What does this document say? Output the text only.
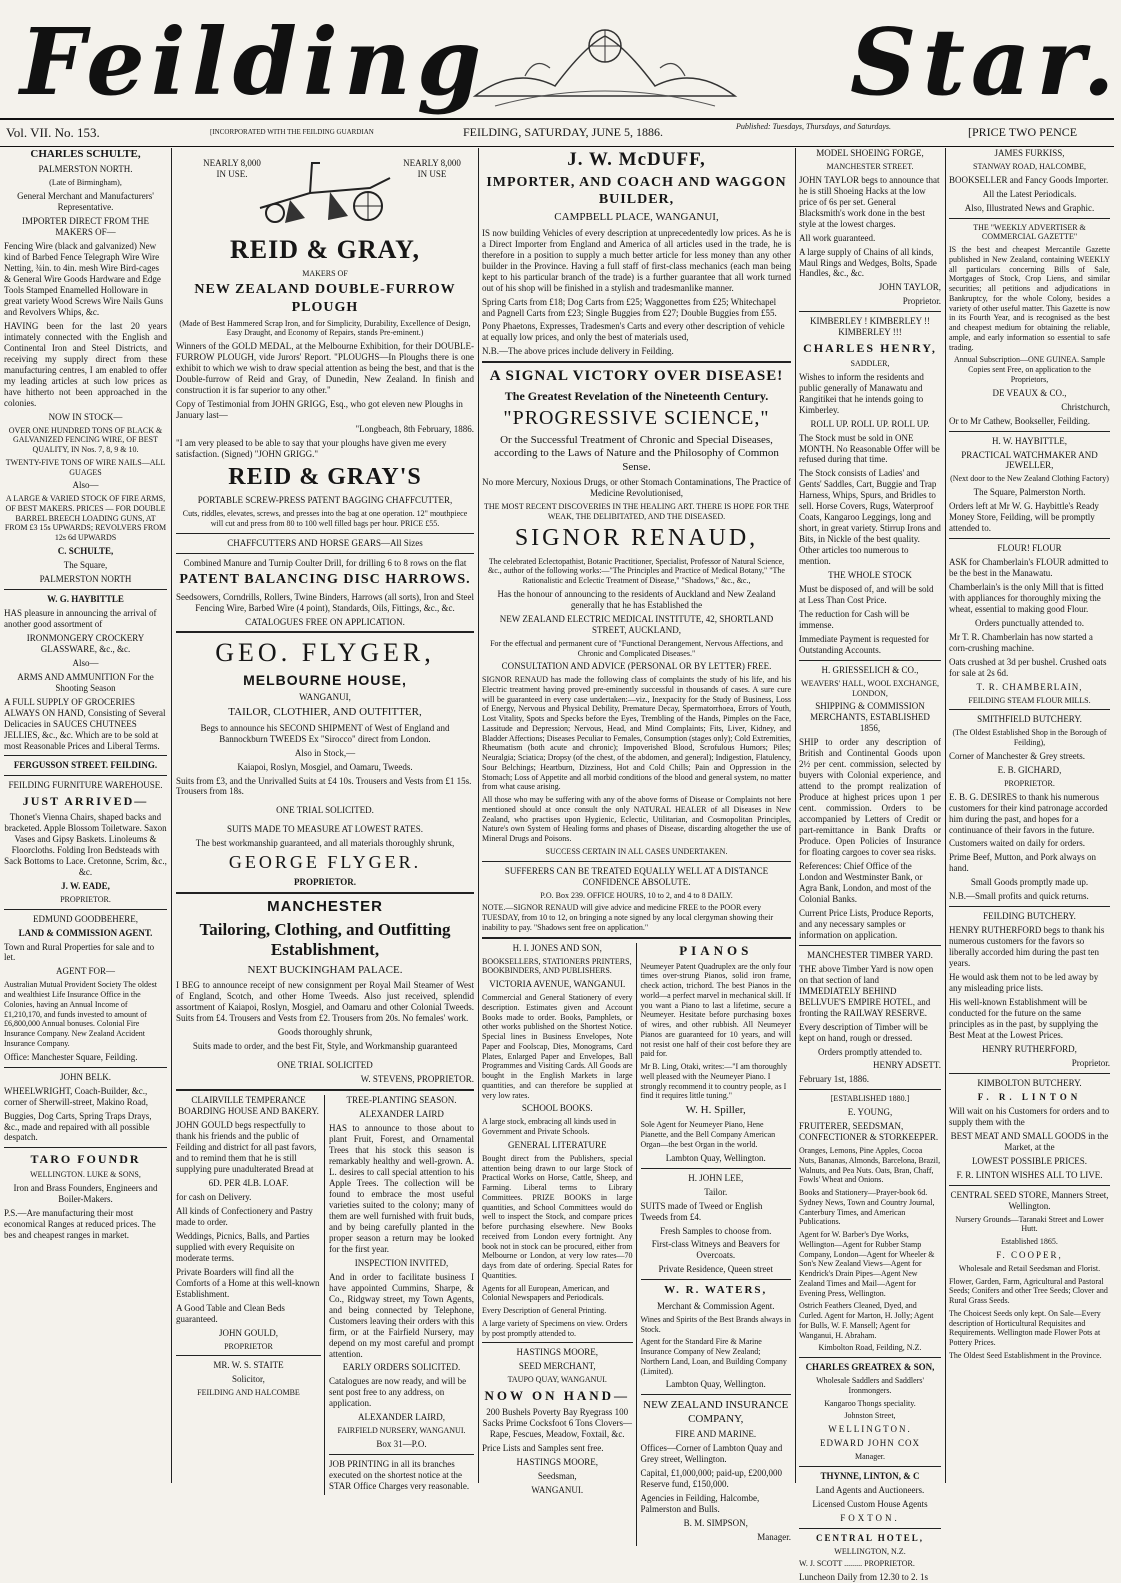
Feilding	Star.
Vol. VII. No. 153.	[INCORPORATED WITH THE FEILDING GUARDIAN	FEILDING, SATURDAY, JUNE 5, 1886.	Published: Tuesdays, Thursdays, and Saturdays.	[PRICE TWO PENCE

CHARLES SCHULTE,

PALMERSTON NORTH.

(Late of Birmingham),

General Merchant and Manufacturers' Representative.

IMPORTER DIRECT FROM THE MAKERS OF—

Fencing Wire (black and galvanized) New kind of Barbed Fence Telegraph Wire Wire Netting, ¾in. to 4in. mesh Wire Bird-cages & General Wire Goods Hardware and Edge Tools Stamped Enamelled Holloware in great variety Wood Screws Wire Nails Guns and Revolvers Whips, &c.

HAVING been for the last 20 years intimately connected with the English and Continental Iron and Steel Districts, and receiving my supply direct from these manufacturing centres, I am enabled to offer my leading articles at such low prices as have hitherto not been approached in the colonies.

NOW IN STOCK—

OVER ONE HUNDRED TONS OF BLACK & GALVANIZED FENCING WIRE, OF BEST QUALITY, IN Nos. 7, 8, 9 & 10.

TWENTY-FIVE TONS OF WIRE NAILS—ALL GUAGES

Also—

A LARGE & VARIED STOCK OF FIRE ARMS, OF BEST MAKERS. PRICES — FOR DOUBLE BARREL BREECH LOADING GUNS, AT FROM £3 15s UPWARDS; REVOLVERS FROM 12s 6d UPWARDS

C. SCHULTE,

The Square,

PALMERSTON NORTH

W. G. HAYBITTLE

HAS pleasure in announcing the arrival of another good assortment of

IRONMONGERY CROCKERY GLASSWARE, &c., &c.

Also—

ARMS AND AMMUNITION For the Shooting Season

A FULL SUPPLY OF GROCERIES ALWAYS ON HAND, Consisting of Several Delicacies in SAUCES CHUTNEES JELLIES, &c., &c. Which are to be sold at most Reasonable Prices and Liberal Terms.

FERGUSSON STREET. FEILDING.

FEILDING FURNITURE WAREHOUSE.

JUST ARRIVED—

Thonet's Vienna Chairs, shaped backs and bracketed. Apple Blossom Toiletware. Saxon Vases and Gipsy Baskets. Linoleums & Floorcloths. Folding Iron Bedsteads with Sack Bottoms to Lace. Cretonne, Scrim, &c., &c.

J. W. EADE,

PROPRIETOR.

EDMUND GOODBEHERE,

LAND & COMMISSION AGENT.

Town and Rural Properties for sale and to let.

AGENT FOR—

Australian Mutual Provident Society The oldest and wealthiest Life Insurance Office in the Colonies, having an Annual Income of £1,210,170, and funds invested to amount of £6,800,000 Annual bonuses. Colonial Fire Insurance Company. New Zealand Accident Insurance Company.

Office: Manchester Square, Feilding.

JOHN BELK.

WHEELWRIGHT, Coach-Builder, &c., corner of Sherwill-street, Makino Road,

Buggies, Dog Carts, Spring Traps Drays, &c., made and repaired with all possible despatch.

TARO FOUNDR

WELLINGTON. LUKE & SONS,

Iron and Brass Founders, Engineers and Boiler-Makers.

P.S.—Are manufacturing their most economical Ranges at reduced prices. The bes and cheapest ranges in market.

NEARLY 8,000 IN USE.
NEARLY 8,000 IN USE

REID & GRAY,

MAKERS OF

NEW ZEALAND DOUBLE-FURROW PLOUGH

(Made of Best Hammered Scrap Iron, and for Simplicity, Durability, Excellence of Design, Easy Draught, and Economy of Repairs, stands Pre-eminent.)

Winners of the GOLD MEDAL, at the Melbourne Exhibition, for their DOUBLE-FURROW PLOUGH, vide Jurors' Report. "PLOUGHS—In Ploughs there is one exhibit to which we wish to draw special attention as being the best, and that is the Double-furrow of Reid and Gray, of Dunedin, New Zealand. In finish and construction it is far superior to any other."

Copy of Testimonial from JOHN GRIGG, Esq., who got eleven new Ploughs in January last—

"Longbeach, 8th February, 1886.

"I am very pleased to be able to say that your ploughs have given me every satisfaction. (Signed) "JOHN GRIGG."

REID & GRAY'S

PORTABLE SCREW-PRESS PATENT BAGGING CHAFFCUTTER,

Cuts, riddles, elevates, screws, and presses into the bag at one operation. 12" mouthpiece will cut and press from 80 to 100 well filled bags per hour. PRICE £55.

CHAFFCUTTERS AND HORSE GEARS—All Sizes

Combined Manure and Turnip Coulter Drill, for drilling 6 to 8 rows on the flat

PATENT BALANCING DISC HARROWS.

Seedsowers, Corndrills, Rollers, Twine Binders, Harrows (all sorts), Iron and Steel Fencing Wire, Barbed Wire (4 point), Standards, Oils, Fittings, &c., &c.

CATALOGUES FREE ON APPLICATION.

GEO. FLYGER,

MELBOURNE HOUSE,

WANGANUI,

TAILOR, CLOTHIER, AND OUTFITTER,

Begs to announce his SECOND SHIPMENT of West of England and Bannockburn TWEEDS Ex "Sirocco" direct from London.

Also in Stock,—

Kaiapoi, Roslyn, Mosgiel, and Oamaru, Tweeds.

Suits from £3, and the Unrivalled Suits at £4 10s. Trousers and Vests from £1 15s. Trousers from 18s.

ONE TRIAL SOLICITED.

SUITS MADE TO MEASURE AT LOWEST RATES.

The best workmanship guaranteed, and all materials thoroughly shrunk,

GEORGE FLYGER.

PROPRIETOR.

MANCHESTER

Tailoring, Clothing, and Outfitting Establishment,

NEXT BUCKINGHAM PALACE.

I BEG to announce receipt of new consignment per Royal Mail Steamer of West of England, Scotch, and other Home Tweeds. Also just received, splendid assortment of Kaiapoi, Roslyn, Mosgiel, and Oamaru and other Colonial Tweeds. Suits from £4. Trousers and Vests from £2. Trousers from 20s. No females' work.

Goods thoroughly shrunk,

Suits made to order, and the best Fit, Style, and Workmanship guaranteed

ONE TRIAL SOLICITED

W. STEVENS, PROPRIETOR.

CLAIRVILLE TEMPERANCE BOARDING HOUSE AND BAKERY.

JOHN GOULD begs respectfully to thank his friends and the public of Feilding and district for all past favors, and to remind them that he is still supplying pure unadulterated Bread at

6D. PER 4LB. LOAF.

for cash on Delivery.

All kinds of Confectionery and Pastry made to order.

Weddings, Picnics, Balls, and Parties supplied with every Requisite on moderate terms.

Private Boarders will find all the Comforts of a Home at this well-known Establishment.

A Good Table and Clean Beds guaranteed.

JOHN GOULD,

PROPRIETOR

MR. W. S. STAITE

Solicitor,

FEILDING AND HALCOMBE

TREE-PLANTING SEASON.

ALEXANDER LAIRD

HAS to announce to those about to plant Fruit, Forest, and Ornamental Trees that his stock this season is remarkably healthy and well-grown. A. L. desires to call special attention to his Apple Trees. The collection will be found to embrace the most useful varieties suited to the colony; many of them are well furnished with fruit buds, and by being carefully planted in the proper season a return may be looked for the first year.

INSPECTION INVITED,

And in order to facilitate business I have appointed Cummins, Sharpe, & Co., Ridgway street, my Town Agents, and being connected by Telephone, Customers leaving their orders with this firm, or at the Fairfield Nursery, may depend on my most careful and prompt attention.

EARLY ORDERS SOLICITED.

Catalogues are now ready, and will be sent post free to any address, on application.

ALEXANDER LAIRD,

FAIRFIELD NURSERY, WANGANUI.

Box 31—P.O.

JOB PRINTING in all its branches executed on the shortest notice at the STAR Office Charges very reasonable.

J. W. McDUFF,

IMPORTER, AND COACH AND WAGGON BUILDER,

CAMPBELL PLACE, WANGANUI,

IS now building Vehicles of every description at unprecedentedly low prices. As he is a Direct Importer from England and America of all articles used in the trade, he is therefore in a position to supply a much better article for less money than any other builder in the Province. Having a full staff of first-class mechanics (each man being kept to his particular branch of the trade) is a further guarantee that all work turned out of his shop will be finished in a stylish and tradesmanlike manner.

Spring Carts from £18; Dog Carts from £25; Waggonettes from £25; Whitechapel and Pagnell Carts from £23; Single Buggies from £27; Double Buggies from £55.

Pony Phaetons, Expresses, Tradesmen's Carts and every other description of vehicle at equally low prices, and only the best of materials used,

N.B.—The above prices include delivery in Feilding.

A SIGNAL VICTORY OVER DISEASE!

The Greatest Revelation of the Nineteenth Century.

"PROGRESSIVE SCIENCE,"

Or the Successful Treatment of Chronic and Special Diseases, according to the Laws of Nature and the Philosophy of Common Sense.

No more Mercury, Noxious Drugs, or other Stomach Contaminations, The Practice of Medicine Revolutionised,

THE MOST RECENT DISCOVERIES IN THE HEALING ART. THERE IS HOPE FOR THE WEAK, THE DELIBITATED, AND THE DISEASED.

SIGNOR RENAUD,

The celebrated Eclectopathist, Botanic Practitioner, Specialist, Professor of Natural Science, &c., author of the following works:—"The Principles and Practice of Medical Botany," "The Rationalistic and Eclectic Treatment of Disease," "Shadows," &c., &c.,

Has the honour of announcing to the residents of Auckland and New Zealand generally that he has Established the

NEW ZEALAND ELECTRIC MEDICAL INSTITUTE, 42, SHORTLAND STREET, AUCKLAND,

For the effectual and permanent cure of "Functional Derangement, Nervous Affections, and Chronic and Complicated Diseases."

CONSULTATION AND ADVICE (PERSONAL OR BY LETTER) FREE.

SIGNOR RENAUD has made the following class of complaints the study of his life, and his Electric treatment having proved pre-eminently successful in thousands of cases. A sure cure will be guaranteed in every case undertaken:—viz., Inexpacity for the Study of Business, Loss of Energy, Nervous and Physical Debility, Premature Decay, Spermatorrhoea, Errors of Youth, Lost Vitality, Spots and Specks before the Eyes, Trembling of the Hands, Pimples on the Face, Lassitude and Depression; Nervous, Head, and Mind Complaints; Fits, Liver, Kidney, and Bladder Affections; Diseases Peculiar to Females, Consumption (stages only); Cold Extremities, Rheumatism (both acute and chronic); Impoverished Blood, Scrofulous Humors; Piles; Neuralgia; Sciatica; Dropsy (of the chest, of the abdomen, and general); Indigestion, Flatulency, Sour Belchings; Heartburn, Dizziness, Hot and Cold Chills; Pain and Oppression in the Stomach; Loss of Appetite and all morbid conditions of the blood and general system, no matter from what cause arising.

All those who may be suffering with any of the above forms of Disease or Complaints not here mentioned should at once consult the only NATURAL HEALER of all Diseases in New Zealand, who practises upon Hygienic, Eclectic, Utilitarian, and Cosmopolitan Principles, Nature's own System of Healing forms and phases of Disease, discarding altogether the use of Mineral Drugs and Poisons.

SUCCESS CERTAIN IN ALL CASES UNDERTAKEN.

SUFFERERS CAN BE TREATED EQUALLY WELL AT A DISTANCE CONFIDENCE ABSOLUTE.

P.O. Box 239. OFFICE HOURS, 10 to 2, and 4 to 8 DAILY.

NOTE.—SIGNOR RENAUD will give advice and medicine FREE to the POOR every TUESDAY, from 10 to 12, on bringing a note signed by any local clergyman showing their inability to pay. "Shadows sent free on application."

H. I. JONES AND SON,

BOOKSELLERS, STATIONERS PRINTERS, BOOKBINDERS, AND PUBLISHERS.

VICTORIA AVENUE, WANGANUI.

Commercial and General Stationery of every description. Estimates given and Account Books made to order. Books, Pamphlets, or other works published on the Shortest Notice. Special lines in Business Envelopes, Note Paper and Foolscap, Dies, Monograms, Card Plates, Enlarged Paper and Envelopes, Ball Programmes and Visiting Cards. All Goods are bought in the English Markets in large quantities, and can therefore be supplied at very low rates.

SCHOOL BOOKS.

A large stock, embracing all kinds used in Government and Private Schools.

GENERAL LITERATURE

Bought direct from the Publishers, special attention being drawn to our large Stock of Practical Works on Horse, Cattle, Sheep, and Farming. Liberal terms to Library Committees. PRIZE BOOKS in large quantities, and School Committees would do well to inspect the Stock, and compare prices before purchasing elsewhere. New Books received from London every fortnight. Any book not in stock can be procured, either from Melbourne or London, at very low rates—70 days from date of ordering. Special Rates for Quantities.

Agents for all European, American, and Colonial Newspapers and Periodicals.

Every Description of General Printing.

A large variety of Specimens on view. Orders by post promptly attended to.

HASTINGS MOORE,

SEED MERCHANT,

TAUPO QUAY, WANGANUI.

NOW ON HAND—

200 Bushels Poverty Bay Ryegrass 100 Sacks Prime Cocksfoot 6 Tons Clovers—Rape, Fescues, Meadow, Foxtail, &c.

Price Lists and Samples sent free.

HASTINGS MOORE,

Seedsman,

WANGANUI.

PIANOS

Neumeyer Patent Quadruplex are the only four times over-strung Pianos, solid iron frame, check action, trichord. The best Pianos in the world—a perfect marvel in mechanical skill. If you want a Piano to last a lifetime, secure a Neumeyer. Hesitate before purchasing boxes of wires, and other rubbish. All Neumeyer Pianos are guaranteed for 10 years, and will not resist one half of their cost before they are paid for.

Mr B. Ling, Otaki, writes:—"I am thoroughly well pleased with the Neumeyer Piano. I strongly recommend it to country people, as I find it requires little tuning."

W. H. Spiller,

Sole Agent for Neumeyer Piano, Hene Pianette, and the Bell Company American Organ—the best Organ in the world.

Lambton Quay, Wellington.

H. JOHN LEE,

Tailor.

SUITS made of Tweed or English Tweeds from £4.

Fresh Samples to choose from.

First-class Witneys and Beavers for Overcoats.

Private Residence, Queen street

W. R. WATERS,

Merchant & Commission Agent.

Wines and Spirits of the Best Brands always in Stock.

Agent for the Standard Fire & Marine Insurance Company of New Zealand; Northern Land, Loan, and Building Company (Limited).

Lambton Quay, Wellington.

NEW ZEALAND INSURANCE COMPANY,

FIRE AND MARINE.

Offices—Corner of Lambton Quay and Grey street, Wellington.

Capital, £1,000,000; paid-up, £200,000 Reserve fund, £150,000.

Agencies in Feilding, Halcombe, Palmerston and Bulls.

B. M. SIMPSON,

Manager.

MODEL SHOEING FORGE,

MANCHESTER STREET.

JOHN TAYLOR begs to announce that he is still Shoeing Hacks at the low price of 6s per set. General Blacksmith's work done in the best style at the lowest charges.

All work guaranteed.

A large supply of Chains of all kinds, Maul Rings and Wedges, Bolts, Spade Handles, &c., &c.

JOHN TAYLOR,

Proprietor.

KIMBERLEY ! KIMBERLEY !! KIMBERLEY !!!

CHARLES HENRY,

SADDLER,

Wishes to inform the residents and public generally of Manawatu and Rangitikei that he intends going to Kimberley.

ROLL UP. ROLL UP. ROLL UP.

The Stock must be sold in ONE MONTH. No Reasonable Offer will be refused during that time.

The Stock consists of Ladies' and Gents' Saddles, Cart, Buggie and Trap Harness, Whips, Spurs, and Bridles to sell. Horse Covers, Rugs, Waterproof Coats, Kangaroo Leggings, long and short, in great variety. Stirrup Irons and Bits, in Nickle of the best quality. Other articles too numerous to mention.

THE WHOLE STOCK

Must be disposed of, and will be sold at Less Than Cost Price.

The reduction for Cash will be immense.

Immediate Payment is requested for Outstanding Accounts.

H. GRIESSELICH & CO.,

WEAVERS' HALL, WOOL EXCHANGE, LONDON,

SHIPPING & COMMISSION MERCHANTS, ESTABLISHED 1856,

SHIP to order any description of British and Continental Goods upon 2½ per cent. commission, selected by buyers with Colonial experience, and attend to the prompt realization of Produce at highest prices upon 1 per cent. commission. Orders to be accompanied by Letters of Credit or part-remittance in Bank Drafts or Produce. Open Policies of Insurance for floating cargoes to cover sea risks.

References: Chief Office of the London and Westminster Bank, or Agra Bank, London, and most of the Colonial Banks.

Current Price Lists, Produce Reports, and any necessary samples or information on application.

MANCHESTER TIMBER YARD.

THE above Timber Yard is now open on that section of land IMMEDIATELY BEHIND BELLVUE'S EMPIRE HOTEL, and fronting the RAILWAY RESERVE.

Every description of Timber will be kept on hand, rough or dressed.

Orders promptly attended to.

HENRY ADSETT.

February 1st, 1886.

[ESTABLISHED 1880.]

E. YOUNG,

FRUITERER, SEEDSMAN, CONFECTIONER & STORKEEPER.

Oranges, Lemons, Pine Apples, Cocoa Nuts, Bananas, Almonds, Barcelona, Brazil, Walnuts, and Pea Nuts. Oats, Bran, Chaff, Fowls' Wheat and Onions.

Books and Stationery—Prayer-book 6d. Sydney News, Town and Country Journal, Canterbury Times, and American Publications.

Agent for W. Barber's Dye Works, Wellington—Agent for Rubber Stamp Company, London—Agent for Wheeler & Son's New Zealand Views—Agent for Kendrick's Drain Pipes—Agent New Zealand Times and Mail—Agent for Evening Press, Wellington.

Ostrich Feathers Cleaned, Dyed, and Curled. Agent for Marton, H. Jolly; Agent for Bulls, W. F. Mansell; Agent for Wanganui, H. Abraham.

Kimbolton Road, Feilding, N.Z.

CHARLES GREATREX & SON,

Wholesale Saddlers and Saddlers' Ironmongers.

Kangaroo Thongs speciality.

Johnston Street,

WELLINGTON.

EDWARD JOHN COX

Manager.

THYNNE, LINTON, & C

Land Agents and Auctioneers.

Licensed Custom House Agents

FOXTON.

CENTRAL HOTEL,

WELLINGTON, N.Z.

W. J. SCOTT ......... PROPRIETOR.

Luncheon Daily from 12.30 to 2. 1s

JAMES FURKISS,

STANWAY ROAD, HALCOMBE,

BOOKSELLER and Fancy Goods Importer.

All the Latest Periodicals.

Also, Illustrated News and Graphic.

THE "WEEKLY ADVERTISER & COMMERCIAL GAZETTE"

IS the best and cheapest Mercantile Gazette published in New Zealand, containing WEEKLY all particulars concerning Bills of Sale, Mortgages of Stock, Crop Liens, and similar securities; all petitions and adjudications in Bankruptcy, for the whole Colony, besides a variety of other useful matter. This Gazette is now in its Fourth Year, and is recognised as the best and cheapest medium for obtaining the reliable, ample, and early information so essential to safe trading.

Annual Subscription—ONE GUINEA. Sample Copies sent Free, on application to the Proprietors,

DE VEAUX & CO.,

Christchurch,

Or to Mr Cathew, Bookseller, Feilding.

H. W. HAYBITTLE,

PRACTICAL WATCHMAKER AND JEWELLER,

(Next door to the New Zealand Clothing Factory)

The Square, Palmerston North.

Orders left at Mr W. G. Haybittle's Ready Money Store, Feilding, will be promptly attended to.

FLOUR! FLOUR

ASK for Chamberlain's FLOUR admitted to be the best in the Manawatu.

Chamberlain's is the only Mill that is fitted with appliances for thoroughly mixing the wheat, essential to making good Flour.

Orders punctually attended to.

Mr T. R. Chamberlain has now started a corn-crushing machine.

Oats crushed at 3d per bushel. Crushed oats for sale at 2s 6d.

T. R. CHAMBERLAIN,

FEILDING STEAM FLOUR MILLS.

SMITHFIELD BUTCHERY.

(The Oldest Established Shop in the Borough of Feilding),

Corner of Manchester & Grey streets.

E. B. GICHARD,

PROPRIETOR.

E. B. G. DESIRES to thank his numerous customers for their kind patronage accorded him during the past, and hopes for a continuance of their favors in the future.

Customers waited on daily for orders.

Prime Beef, Mutton, and Pork always on hand.

Small Goods promptly made up.

N.B.—Small profits and quick returns.

FEILDING BUTCHERY.

HENRY RUTHERFORD begs to thank his numerous customers for the favors so liberally accorded him during the past ten years.

He would ask them not to be led away by any misleading price lists.

His well-known Establishment will be conducted for the future on the same principles as in the past, by supplying the Best Meat at the Lowest Prices.

HENRY RUTHERFORD,

Proprietor.

KIMBOLTON BUTCHERY.

F. R. LINTON

Will wait on his Customers for orders and to supply them with the

BEST MEAT AND SMALL GOODS in the Market, at the

LOWEST POSSIBLE PRICES.

F. R. LINTON WISHES ALL TO LIVE.

CENTRAL SEED STORE, Manners Street, Wellington.

Nursery Grounds—Taranaki Street and Lower Hutt.

Established 1865.

F. COOPER,

Wholesale and Retail Seedsman and Florist.

Flower, Garden, Farm, Agricultural and Pastoral Seeds; Conifers and other Tree Seeds; Clover and Rural Grass Seeds.

The Choicest Seeds only kept. On Sale—Every description of Horticultural Requisites and Requirements. Wellington made Flower Pots at Pottery Prices.

The Oldest Seed Establishment in the Province.
